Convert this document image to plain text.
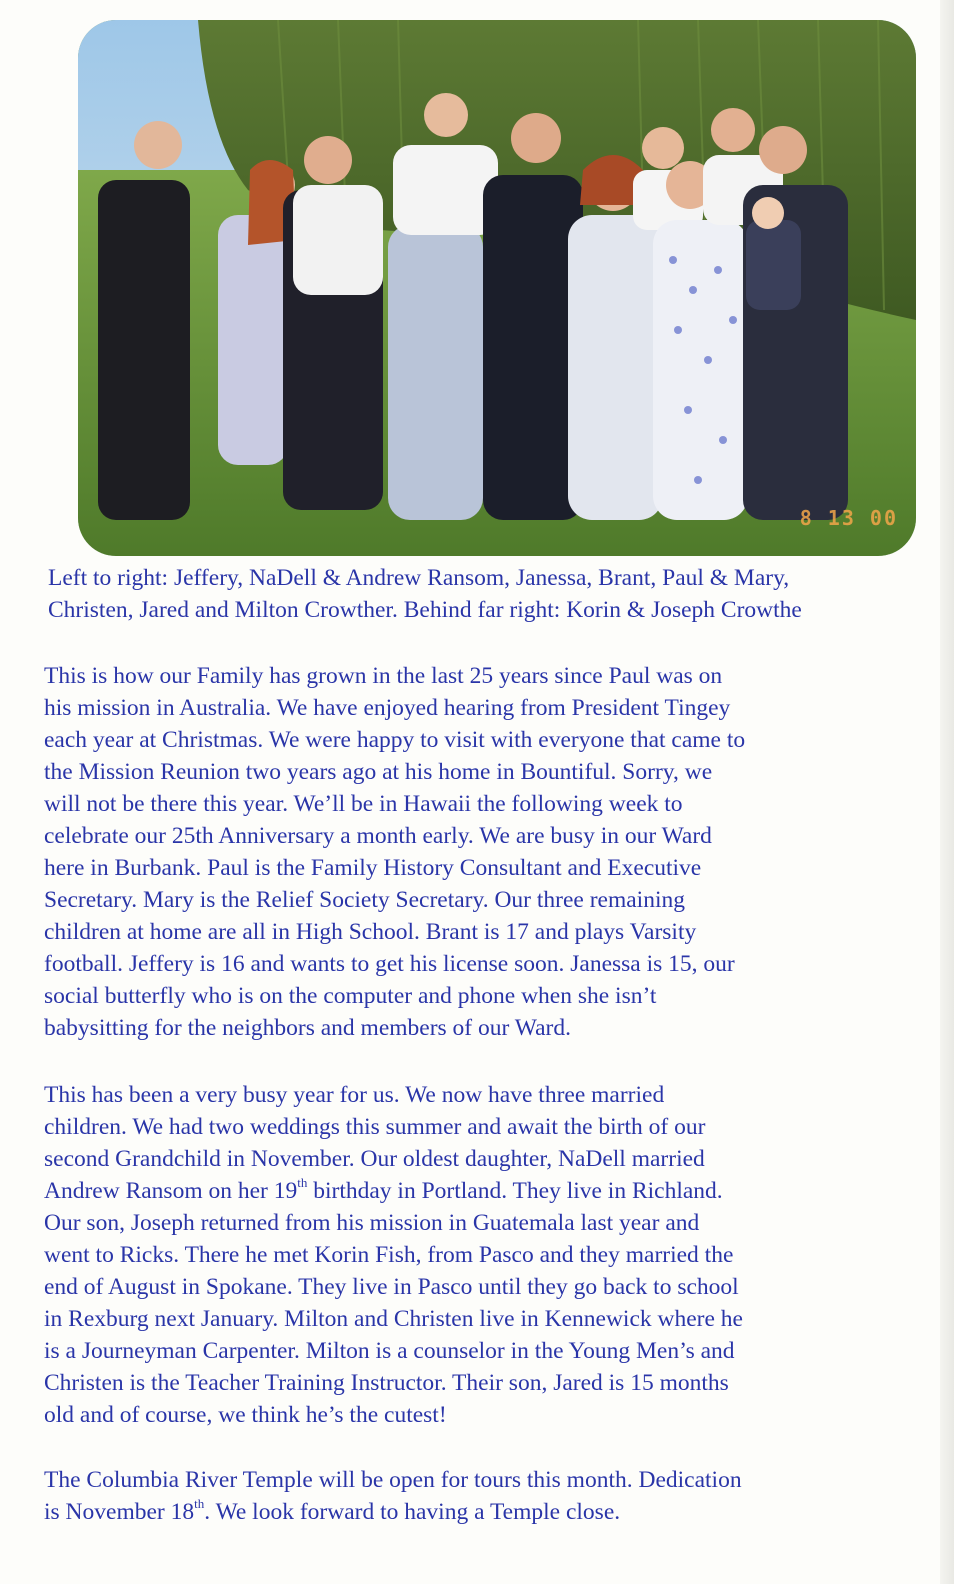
8 13 00
Left to right: Jeffery, NaDell & Andrew Ransom, Janessa, Brant, Paul & Mary,
Christen, Jared and Milton Crowther. Behind far right: Korin & Joseph Crowthe
This is how our Family has grown in the last 25 years since Paul was on
his mission in Australia. We have enjoyed hearing from President Tingey
each year at Christmas. We were happy to visit with everyone that came to
the Mission Reunion two years ago at his home in Bountiful. Sorry, we
will not be there this year. We’ll be in Hawaii the following week to
celebrate our 25th Anniversary a month early. We are busy in our Ward
here in Burbank. Paul is the Family History Consultant and Executive
Secretary. Mary is the Relief Society Secretary. Our three remaining
children at home are all in High School. Brant is 17 and plays Varsity
football. Jeffery is 16 and wants to get his license soon. Janessa is 15, our
social butterfly who is on the computer and phone when she isn’t
babysitting for the neighbors and members of our Ward.
This has been a very busy year for us. We now have three married
children. We had two weddings this summer and await the birth of our
second Grandchild in November. Our oldest daughter, NaDell married
Andrew Ransom on her 19th birthday in Portland. They live in Richland.
Our son, Joseph returned from his mission in Guatemala last year and
went to Ricks. There he met Korin Fish, from Pasco and they married the
end of August in Spokane. They live in Pasco until they go back to school
in Rexburg next January. Milton and Christen live in Kennewick where he
is a Journeyman Carpenter. Milton is a counselor in the Young Men’s and
Christen is the Teacher Training Instructor. Their son, Jared is 15 months
old and of course, we think he’s the cutest!
The Columbia River Temple will be open for tours this month. Dedication
is November 18th. We look forward to having a Temple close.
